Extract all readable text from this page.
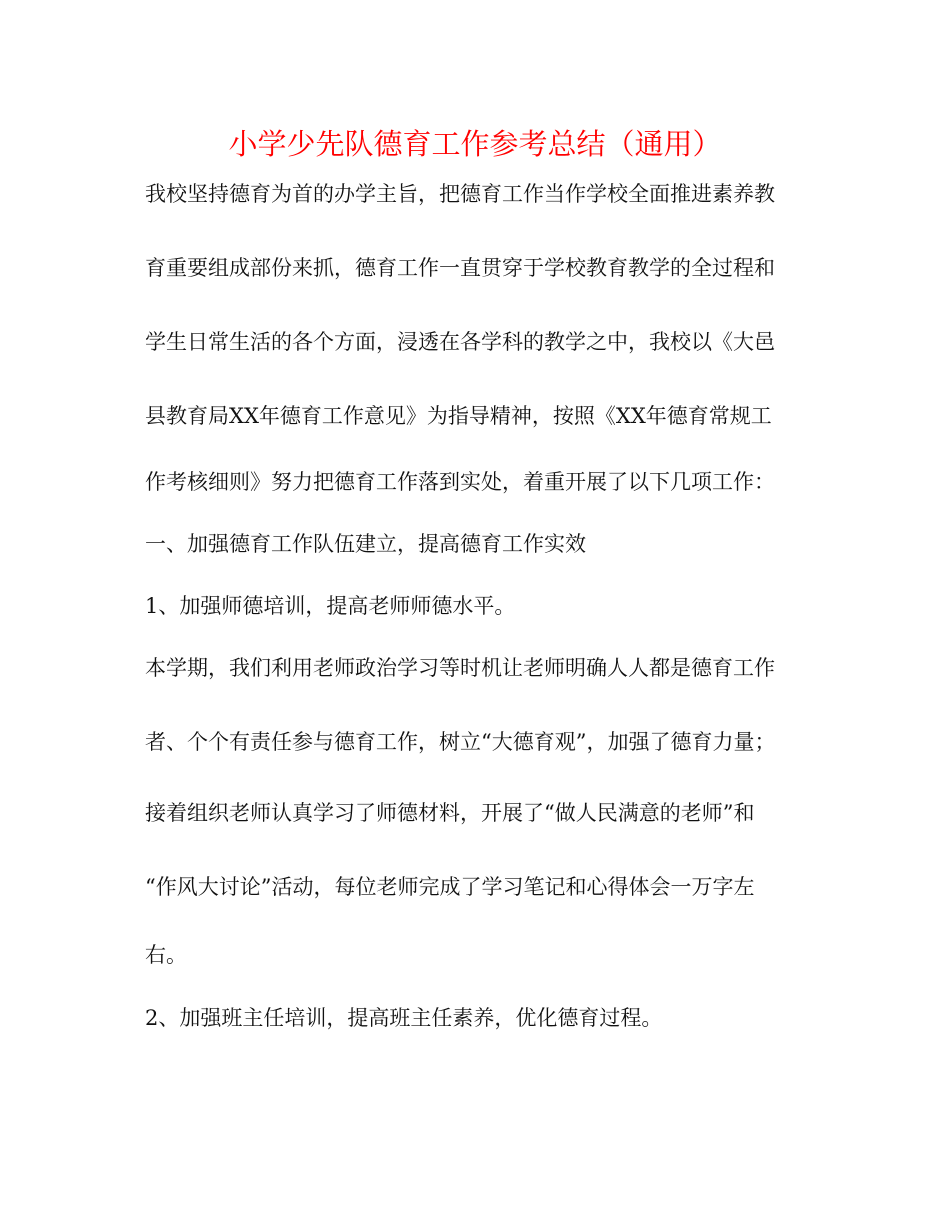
小学少先队德育工作参考总结（通用）
我校坚持德育为首的办学主旨，把德育工作当作学校全面推进素养教
育重要组成部份来抓，德育工作一直贯穿于学校教育教学的全过程和
学生日常生活的各个方面，浸透在各学科的教学之中，我校以《大邑
县教育局XX年德育工作意见》为指导精神，按照《XX年德育常规工
作考核细则》努力把德育工作落到实处，着重开展了以下几项工作：
一、加强德育工作队伍建立，提高德育工作实效
1、加强师德培训，提高老师师德水平。
本学期，我们利用老师政治学习等时机让老师明确人人都是德育工作
者、个个有责任参与德育工作，树立“大德育观”，加强了德育力量；
接着组织老师认真学习了师德材料，开展了“做人民满意的老师”和
“作风大讨论”活动，每位老师完成了学习笔记和心得体会一万字左
右。
2、加强班主任培训，提高班主任素养，优化德育过程。
